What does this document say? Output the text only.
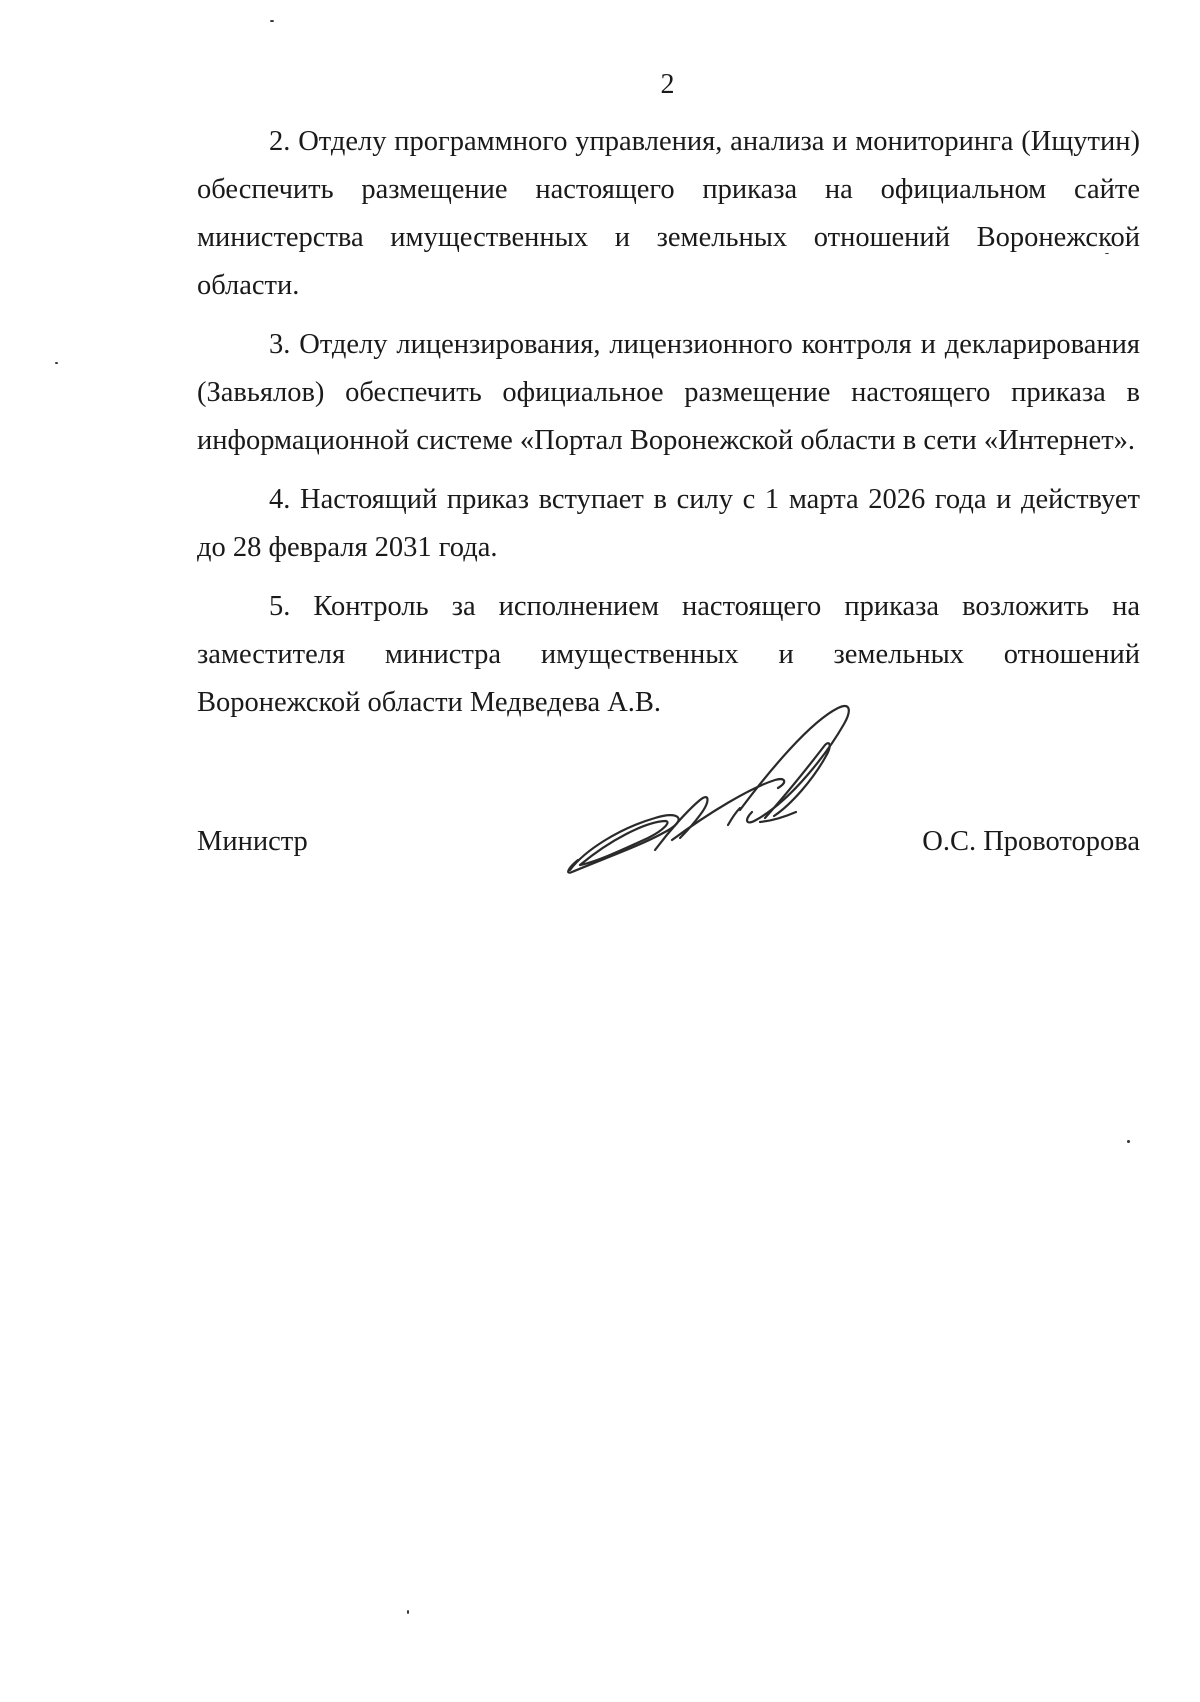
2

2. Отделу программного управления, анализа и мониторинга (Ищутин) обеспечить размещение настоящего приказа на официальном сайте министерства имущественных и земельных отношений Воронежской области.

3. Отделу лицензирования, лицензионного контроля и декларирования (Завьялов) обеспечить официальное размещение настоящего приказа в информационной системе «Портал Воронежской области в сети «Интернет».

4. Настоящий приказ вступает в силу с 1 марта 2026 года и действует до 28 февраля 2031 года.

5. Контроль за исполнением настоящего приказа возложить на заместителя министра имущественных и земельных отношений Воронежской области Медведева А.В.

Министр	О.С. Провоторова
